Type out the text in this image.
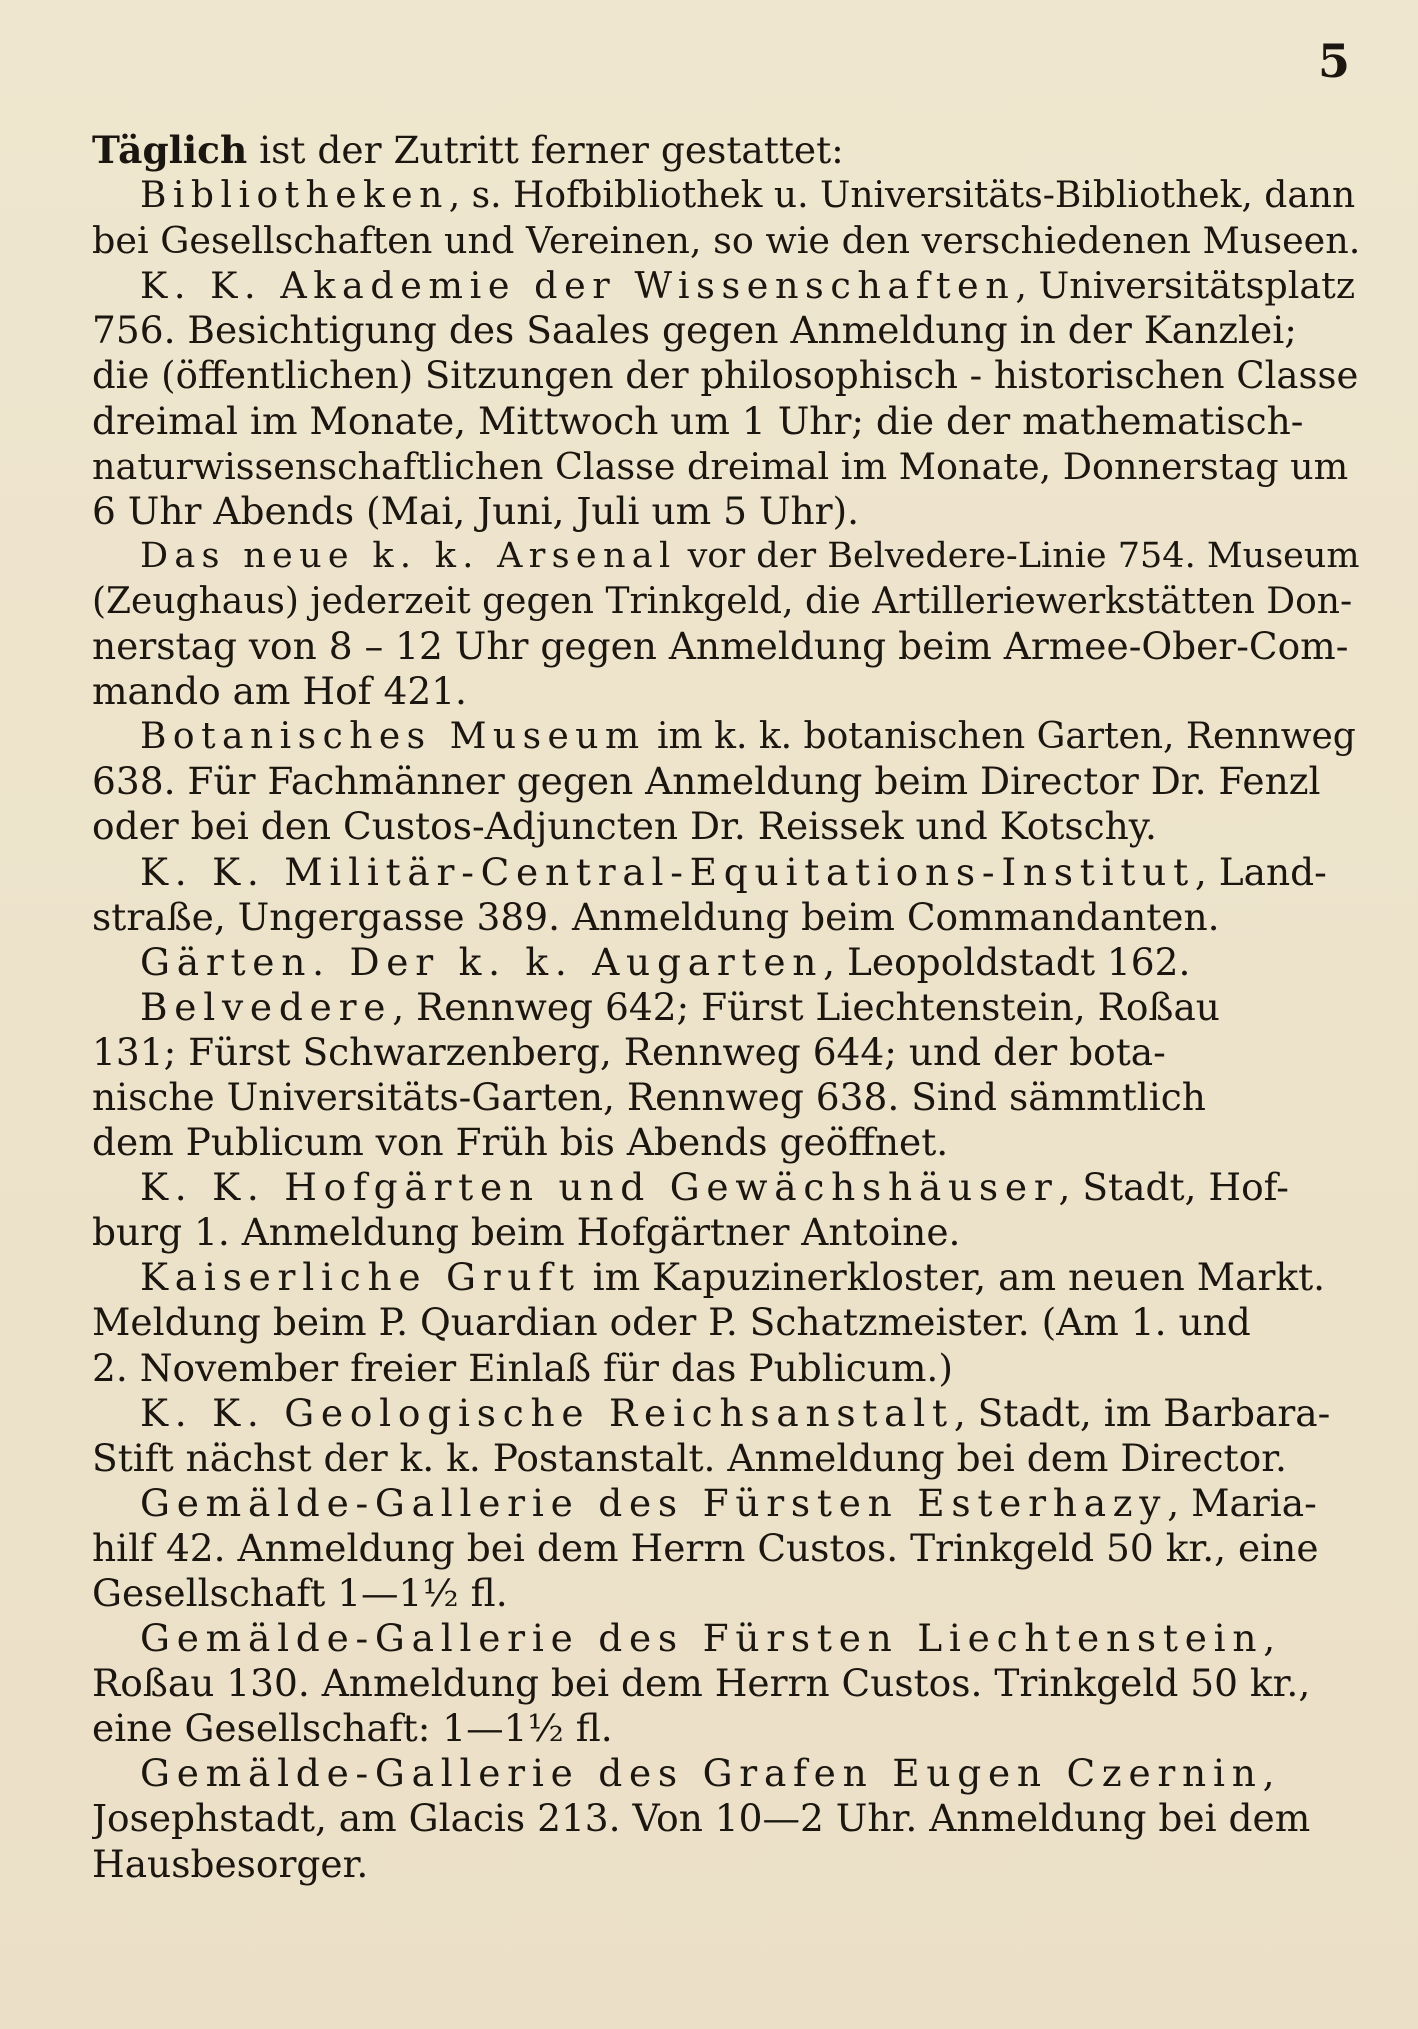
5
Täglich ist der Zutritt ferner gestattet:
Bibliotheken, s. Hofbibliothek u. Universitäts-Bibliothek, dann
bei Gesellschaften und Vereinen, so wie den verschiedenen Museen.
K. K. Akademie der Wissenschaften, Universitätsplatz
756. Besichtigung des Saales gegen Anmeldung in der Kanzlei;
die (öffentlichen) Sitzungen der philosophisch - historischen Classe
dreimal im Monate, Mittwoch um 1 Uhr; die der mathematisch-
naturwissenschaftlichen Classe dreimal im Monate, Donnerstag um
6 Uhr Abends (Mai, Juni, Juli um 5 Uhr).
Das neue k. k. Arsenal vor der Belvedere-Linie 754. Museum
(Zeughaus) jederzeit gegen Trinkgeld, die Artilleriewerkstätten Don-
nerstag von 8 – 12 Uhr gegen Anmeldung beim Armee-Ober-Com-
mando am Hof 421.
Botanisches Museum im k. k. botanischen Garten, Rennweg
638. Für Fachmänner gegen Anmeldung beim Director Dr. Fenzl
oder bei den Custos-Adjuncten Dr. Reissek und Kotschy.
K. K. Militär-Central-Equitations-Institut, Land-
straße, Ungergasse 389. Anmeldung beim Commandanten.
Gärten. Der k. k. Augarten, Leopoldstadt 162.
Belvedere, Rennweg 642; Fürst Liechtenstein, Roßau
131; Fürst Schwarzenberg, Rennweg 644; und der bota-
nische Universitäts-Garten, Rennweg 638. Sind sämmtlich
dem Publicum von Früh bis Abends geöffnet.
K. K. Hofgärten und Gewächshäuser, Stadt, Hof-
burg 1. Anmeldung beim Hofgärtner Antoine.
Kaiserliche Gruft im Kapuzinerkloster, am neuen Markt.
Meldung beim P. Quardian oder P. Schatzmeister. (Am 1. und
2. November freier Einlaß für das Publicum.)
K. K. Geologische Reichsanstalt, Stadt, im Barbara-
Stift nächst der k. k. Postanstalt. Anmeldung bei dem Director.
Gemälde-Gallerie des Fürsten Esterhazy, Maria-
hilf 42. Anmeldung bei dem Herrn Custos. Trinkgeld 50 kr., eine
Gesellschaft 1—1½ fl.
Gemälde-Gallerie des Fürsten Liechtenstein,
Roßau 130. Anmeldung bei dem Herrn Custos. Trinkgeld 50 kr.,
eine Gesellschaft: 1—1½ fl.
Gemälde-Gallerie des Grafen Eugen Czernin,
Josephstadt, am Glacis 213. Von 10—2 Uhr. Anmeldung bei dem
Hausbesorger.
